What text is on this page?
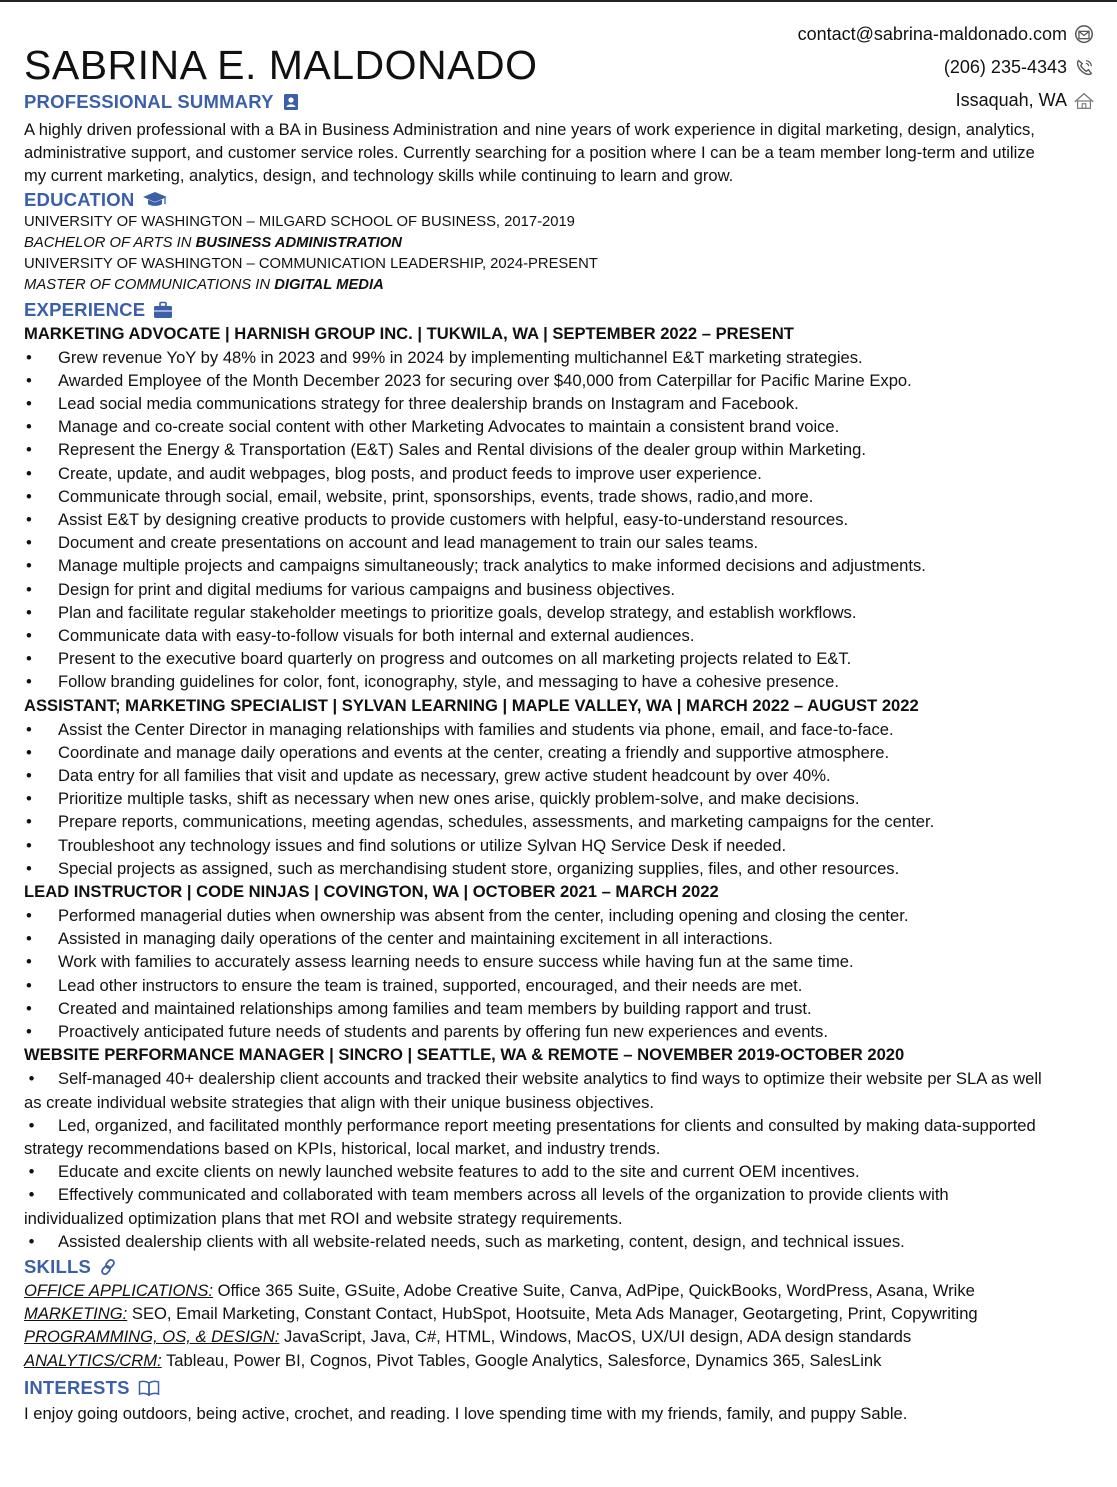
SABRINA E. MALDONADO
contact@sabrina-maldonado.com
(206) 235-4343
Issaquah, WA
PROFESSIONAL SUMMARY

A highly driven professional with a BA in Business Administration and nine years of work experience in digital marketing, design, analytics, administrative support, and customer service roles. Currently searching for a position where I can be a team member long-term and utilize my current marketing, analytics, design, and technology skills while continuing to learn and grow.

EDUCATION
UNIVERSITY OF WASHINGTON – MILGARD SCHOOL OF BUSINESS, 2017-2019
BACHELOR OF ARTS IN BUSINESS ADMINISTRATION
UNIVERSITY OF WASHINGTON – COMMUNICATION LEADERSHIP, 2024-PRESENT
MASTER OF COMMUNICATIONS IN DIGITAL MEDIA
EXPERIENCE
MARKETING ADVOCATE | HARNISH GROUP INC. | TUKWILA, WA | SEPTEMBER 2022 – PRESENT
• Grew revenue YoY by 48% in 2023 and 99% in 2024 by implementing multichannel E&T marketing strategies.
• Awarded Employee of the Month December 2023 for securing over $40,000 from Caterpillar for Pacific Marine Expo.
• Lead social media communications strategy for three dealership brands on Instagram and Facebook.
• Manage and co-create social content with other Marketing Advocates to maintain a consistent brand voice.
• Represent the Energy & Transportation (E&T) Sales and Rental divisions of the dealer group within Marketing.
• Create, update, and audit webpages, blog posts, and product feeds to improve user experience.
• Communicate through social, email, website, print, sponsorships, events, trade shows, radio,and more.
• Assist E&T by designing creative products to provide customers with helpful, easy-to-understand resources.
• Document and create presentations on account and lead management to train our sales teams.
• Manage multiple projects and campaigns simultaneously; track analytics to make informed decisions and adjustments.
• Design for print and digital mediums for various campaigns and business objectives.
• Plan and facilitate regular stakeholder meetings to prioritize goals, develop strategy, and establish workflows.
• Communicate data with easy-to-follow visuals for both internal and external audiences.
• Present to the executive board quarterly on progress and outcomes on all marketing projects related to E&T.
• Follow branding guidelines for color, font, iconography, style, and messaging to have a cohesive presence.
ASSISTANT; MARKETING SPECIALIST | SYLVAN LEARNING | MAPLE VALLEY, WA | MARCH 2022 – AUGUST 2022
• Assist the Center Director in managing relationships with families and students via phone, email, and face-to-face.
• Coordinate and manage daily operations and events at the center, creating a friendly and supportive atmosphere.
• Data entry for all families that visit and update as necessary, grew active student headcount by over 40%.
• Prioritize multiple tasks, shift as necessary when new ones arise, quickly problem-solve, and make decisions.
• Prepare reports, communications, meeting agendas, schedules, assessments, and marketing campaigns for the center.
• Troubleshoot any technology issues and find solutions or utilize Sylvan HQ Service Desk if needed.
• Special projects as assigned, such as merchandising student store, organizing supplies, files, and other resources.
LEAD INSTRUCTOR | CODE NINJAS | COVINGTON, WA | OCTOBER 2021 – MARCH 2022
• Performed managerial duties when ownership was absent from the center, including opening and closing the center.
• Assisted in managing daily operations of the center and maintaining excitement in all interactions.
• Work with families to accurately assess learning needs to ensure success while having fun at the same time.
• Lead other instructors to ensure the team is trained, supported, encouraged, and their needs are met.
• Created and maintained relationships among families and team members by building rapport and trust.
• Proactively anticipated future needs of students and parents by offering fun new experiences and events.
WEBSITE PERFORMANCE MANAGER | SINCRO | SEATTLE, WA & REMOTE – NOVEMBER 2019-OCTOBER 2020
• Self-managed 40+ dealership client accounts and tracked their website analytics to find ways to optimize their website per SLA as well as create individual website strategies that align with their unique business objectives.
• Led, organized, and facilitated monthly performance report meeting presentations for clients and consulted by making data-supported strategy recommendations based on KPIs, historical, local market, and industry trends.
• Educate and excite clients on newly launched website features to add to the site and current OEM incentives.
• Effectively communicated and collaborated with team members across all levels of the organization to provide clients with individualized optimization plans that met ROI and website strategy requirements.
• Assisted dealership clients with all website-related needs, such as marketing, content, design, and technical issues.
SKILLS
OFFICE APPLICATIONS: Office 365 Suite, GSuite, Adobe Creative Suite, Canva, AdPipe, QuickBooks, WordPress, Asana, Wrike
MARKETING: SEO, Email Marketing, Constant Contact, HubSpot, Hootsuite, Meta Ads Manager, Geotargeting, Print, Copywriting
PROGRAMMING, OS, & DESIGN: JavaScript, Java, C#, HTML, Windows, MacOS, UX/UI design, ADA design standards
ANALYTICS/CRM: Tableau, Power BI, Cognos, Pivot Tables, Google Analytics, Salesforce, Dynamics 365, SalesLink
INTERESTS

I enjoy going outdoors, being active, crochet, and reading. I love spending time with my friends, family, and puppy Sable.
